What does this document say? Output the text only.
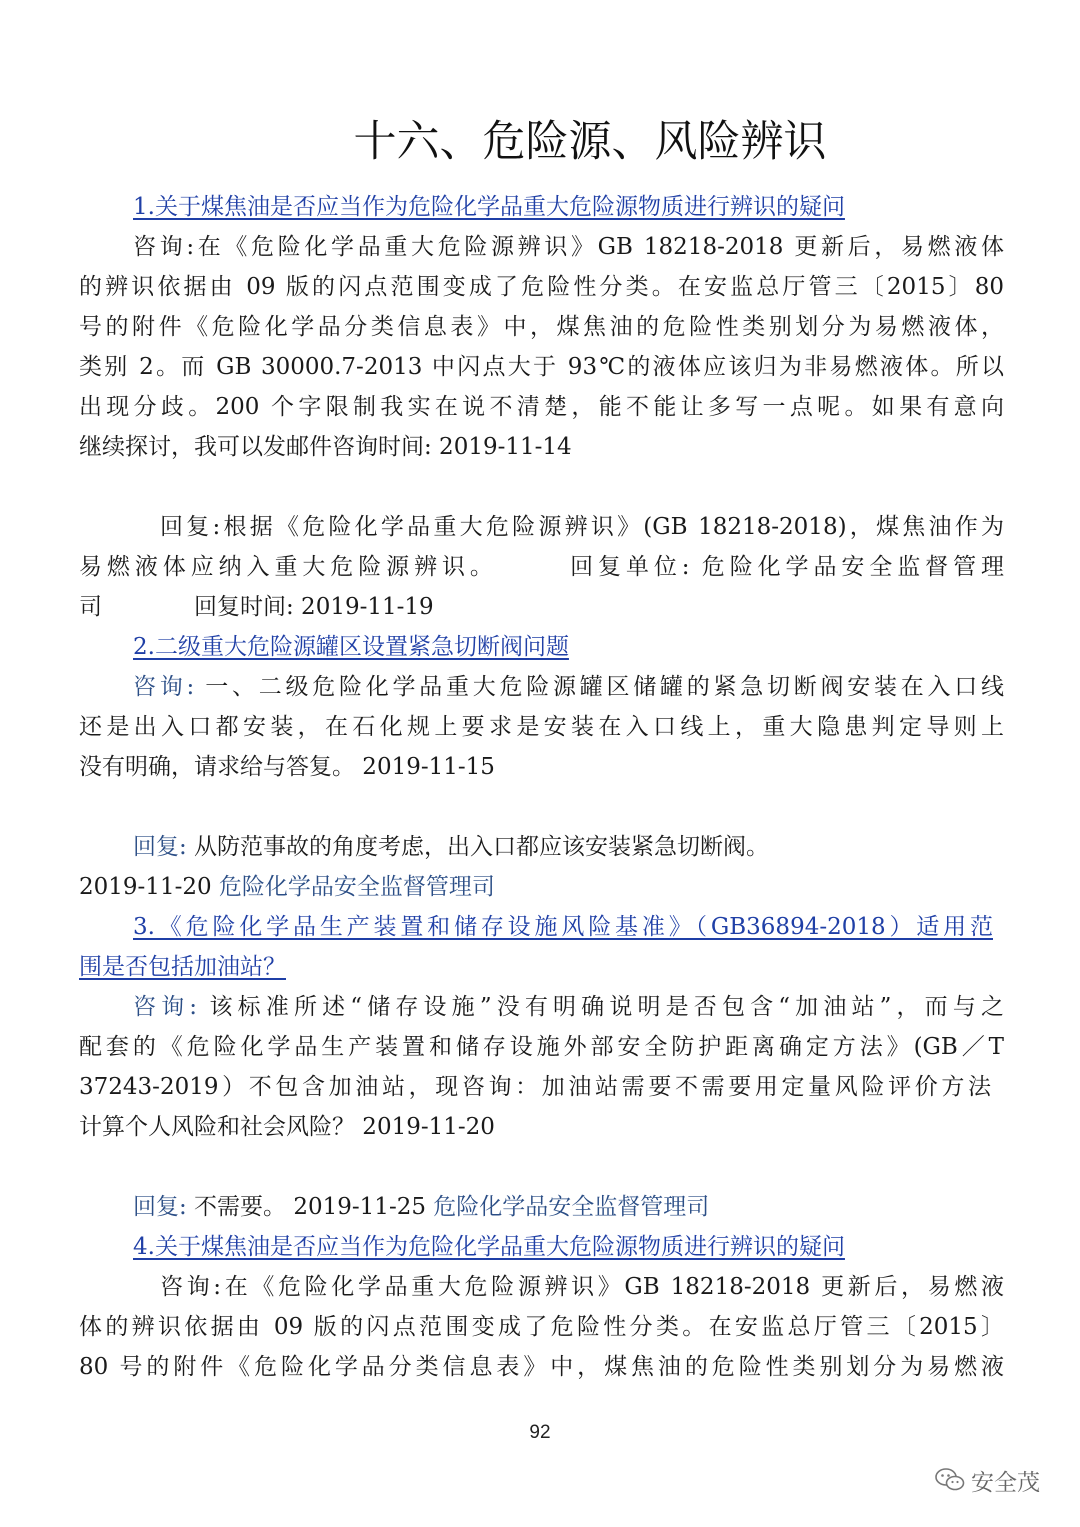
十六、危险源、风险辨识
1.关于煤焦油是否应当作为危险化学品重大危险源物质进行辨识的疑问
咨询:在《危险化学品重大危险源辨识》GB 18218-2018 更新后，易燃液体
的辨识依据由 09 版的闪点范围变成了危险性分类。在安监总厅管三〔2015〕80
号的附件《危险化学品分类信息表》中，煤焦油的危险性类别划分为易燃液体，
类别 2。而 GB 30000.7-2013 中闪点大于 93℃的液体应该归为非易燃液体。所以
出现分歧。200 个字限制我实在说不清楚，能不能让多写一点呢。如果有意向
继续探讨，我可以发邮件咨询时间: 2019-11-14
回复:根据《危险化学品重大危险源辨识》(GB 18218-2018)，煤焦油作为
易燃液体应纳入重大危险源辨识。　　　回复单位: 危险化学品安全监督管理
司　　　　回复时间: 2019-11-19
2.二级重大危险源罐区设置紧急切断阀问题
咨询: 一、二级危险化学品重大危险源罐区储罐的紧急切断阀安装在入口线
还是出入口都安装，在石化规上要求是安装在入口线上，重大隐患判定导则上
没有明确，请求给与答复。 2019-11-15
回复: 从防范事故的角度考虑，出入口都应该安装紧急切断阀。
2019-11-20 危险化学品安全监督管理司
3.《危险化学品生产装置和储存设施风险基准》（GB36894-2018）适用范
围是否包括加油站？
咨询: 该标准所述“储存设施”没有明确说明是否包含“加油站”，而与之
配套的《危险化学品生产装置和储存设施外部安全防护距离确定方法》(GB／T
37243-2019）不包含加油站，现咨询：加油站需要不需要用定量风险评价方法
计算个人风险和社会风险？ 2019-11-20
回复: 不需要。 2019-11-25 危险化学品安全监督管理司
4.关于煤焦油是否应当作为危险化学品重大危险源物质进行辨识的疑问
咨询:在《危险化学品重大危险源辨识》GB 18218-2018 更新后，易燃液
体的辨识依据由 09 版的闪点范围变成了危险性分类。在安监总厅管三〔2015〕
80 号的附件《危险化学品分类信息表》中，煤焦油的危险性类别划分为易燃液
92
安全茂
